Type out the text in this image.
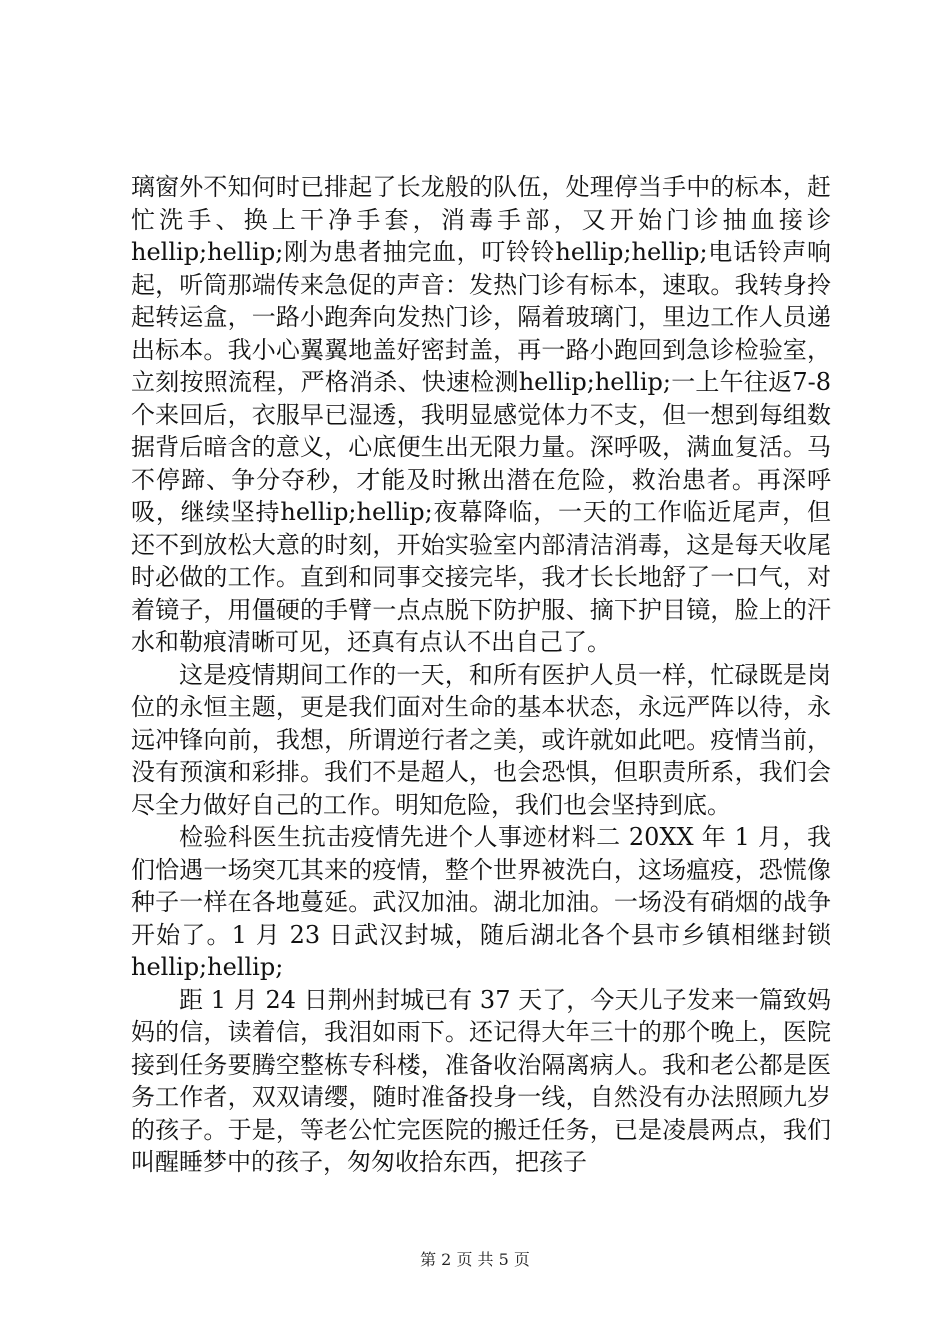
璃窗外不知何时已排起了长龙般的队伍，处理停当手中的标本，赶忙洗手、换上干净手套，消毒手部，又开始门诊抽血接诊hellip;hellip;刚为患者抽完血，叮铃铃hellip;hellip;电话铃声响起，听筒那端传来急促的声音：发热门诊有标本，速取。我转身拎起转运盒，一路小跑奔向发热门诊，隔着玻璃门，里边工作人员递出标本。我小心翼翼地盖好密封盖，再一路小跑回到急诊检验室，立刻按照流程，严格消杀、快速检测hellip;hellip;一上午往返7-8个来回后，衣服早已湿透，我明显感觉体力不支，但一想到每组数据背后暗含的意义，心底便生出无限力量。深呼吸，满血复活。马不停蹄、争分夺秒，才能及时揪出潜在危险，救治患者。再深呼吸，继续坚持hellip;hellip;夜幕降临，一天的工作临近尾声，但还不到放松大意的时刻，开始实验室内部清洁消毒，这是每天收尾时必做的工作。直到和同事交接完毕，我才长长地舒了一口气，对着镜子，用僵硬的手臂一点点脱下防护服、摘下护目镜，脸上的汗水和勒痕清晰可见，还真有点认不出自己了。

这是疫情期间工作的一天，和所有医护人员一样，忙碌既是岗位的永恒主题，更是我们面对生命的基本状态，永远严阵以待，永远冲锋向前，我想，所谓逆行者之美，或许就如此吧。疫情当前，没有预演和彩排。我们不是超人，也会恐惧，但职责所系，我们会尽全力做好自己的工作。明知危险，我们也会坚持到底。

检验科医生抗击疫情先进个人事迹材料二 20XX 年 1 月，我们恰遇一场突兀其来的疫情，整个世界被洗白，这场瘟疫，恐慌像种子一样在各地蔓延。武汉加油。湖北加油。一场没有硝烟的战争开始了。1 月 23 日武汉封城，随后湖北各个县市乡镇相继封锁hellip;hellip;

距 1 月 24 日荆州封城已有 37 天了，今天儿子发来一篇致妈妈的信，读着信，我泪如雨下。还记得大年三十的那个晚上，医院接到任务要腾空整栋专科楼，准备收治隔离病人。我和老公都是医务工作者，双双请缨，随时准备投身一线，自然没有办法照顾九岁的孩子。于是，等老公忙完医院的搬迁任务，已是凌晨两点，我们叫醒睡梦中的孩子，匆匆收拾东西，把孩子

第 2 页 共 5 页
